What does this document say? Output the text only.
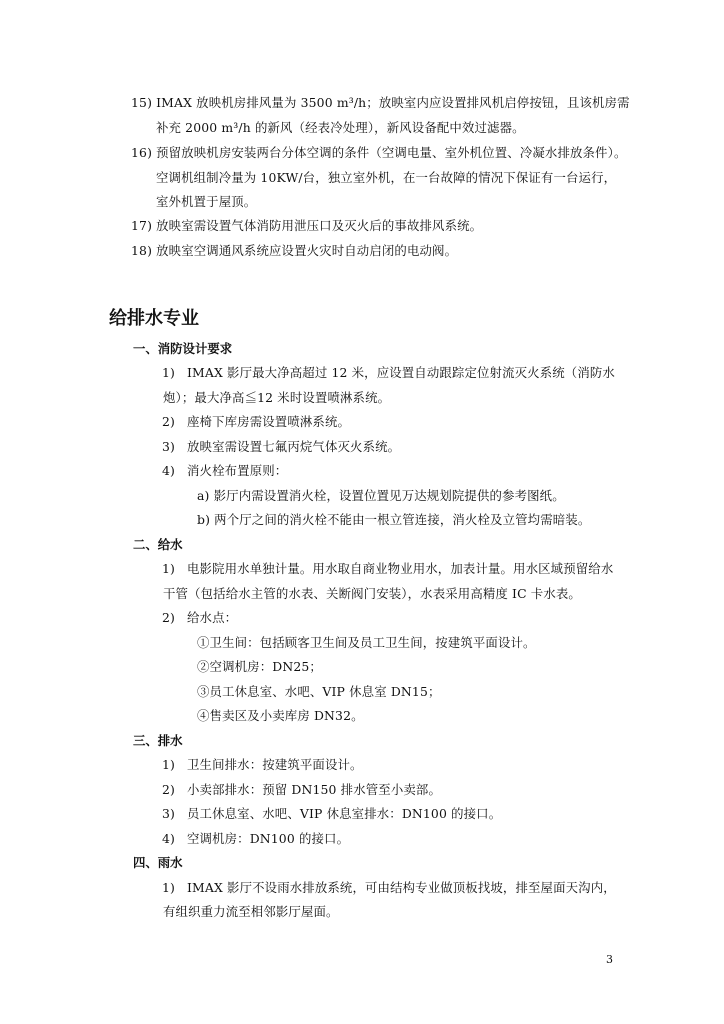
15) IMAX 放映机房排风量为 3500 m³/h；放映室内应设置排风机启停按钮，且该机房需
补充 2000 m³/h 的新风（经表冷处理），新风设备配中效过滤器。
16) 预留放映机房安装两台分体空调的条件（空调电量、室外机位置、冷凝水排放条件）。
空调机组制冷量为 10KW/台，独立室外机，在一台故障的情况下保证有一台运行，
室外机置于屋顶。
17) 放映室需设置气体消防用泄压口及灭火后的事故排风系统。
18) 放映室空调通风系统应设置火灾时自动启闭的电动阀。
给排水专业
一、消防设计要求
1) IMAX 影厅最大净高超过 12 米，应设置自动跟踪定位射流灭火系统（消防水
炮）；最大净高≦12 米时设置喷淋系统。
2) 座椅下库房需设置喷淋系统。
3) 放映室需设置七氟丙烷气体灭火系统。
4) 消火栓布置原则：
a) 影厅内需设置消火栓，设置位置见万达规划院提供的参考图纸。
b) 两个厅之间的消火栓不能由一根立管连接，消火栓及立管均需暗装。
二、给水
1) 电影院用水单独计量。用水取自商业物业用水，加表计量。用水区域预留给水
干管（包括给水主管的水表、关断阀门安装），水表采用高精度 IC 卡水表。
2) 给水点：
①卫生间：包括顾客卫生间及员工卫生间，按建筑平面设计。
②空调机房：DN25；
③员工休息室、水吧、VIP 休息室 DN15；
④售卖区及小卖库房 DN32。
三、排水
1) 卫生间排水：按建筑平面设计。
2) 小卖部排水：预留 DN150 排水管至小卖部。
3) 员工休息室、水吧、VIP 休息室排水：DN100 的接口。
4) 空调机房：DN100 的接口。
四、雨水
1) IMAX 影厅不设雨水排放系统，可由结构专业做顶板找坡，排至屋面天沟内，
有组织重力流至相邻影厅屋面。
3
